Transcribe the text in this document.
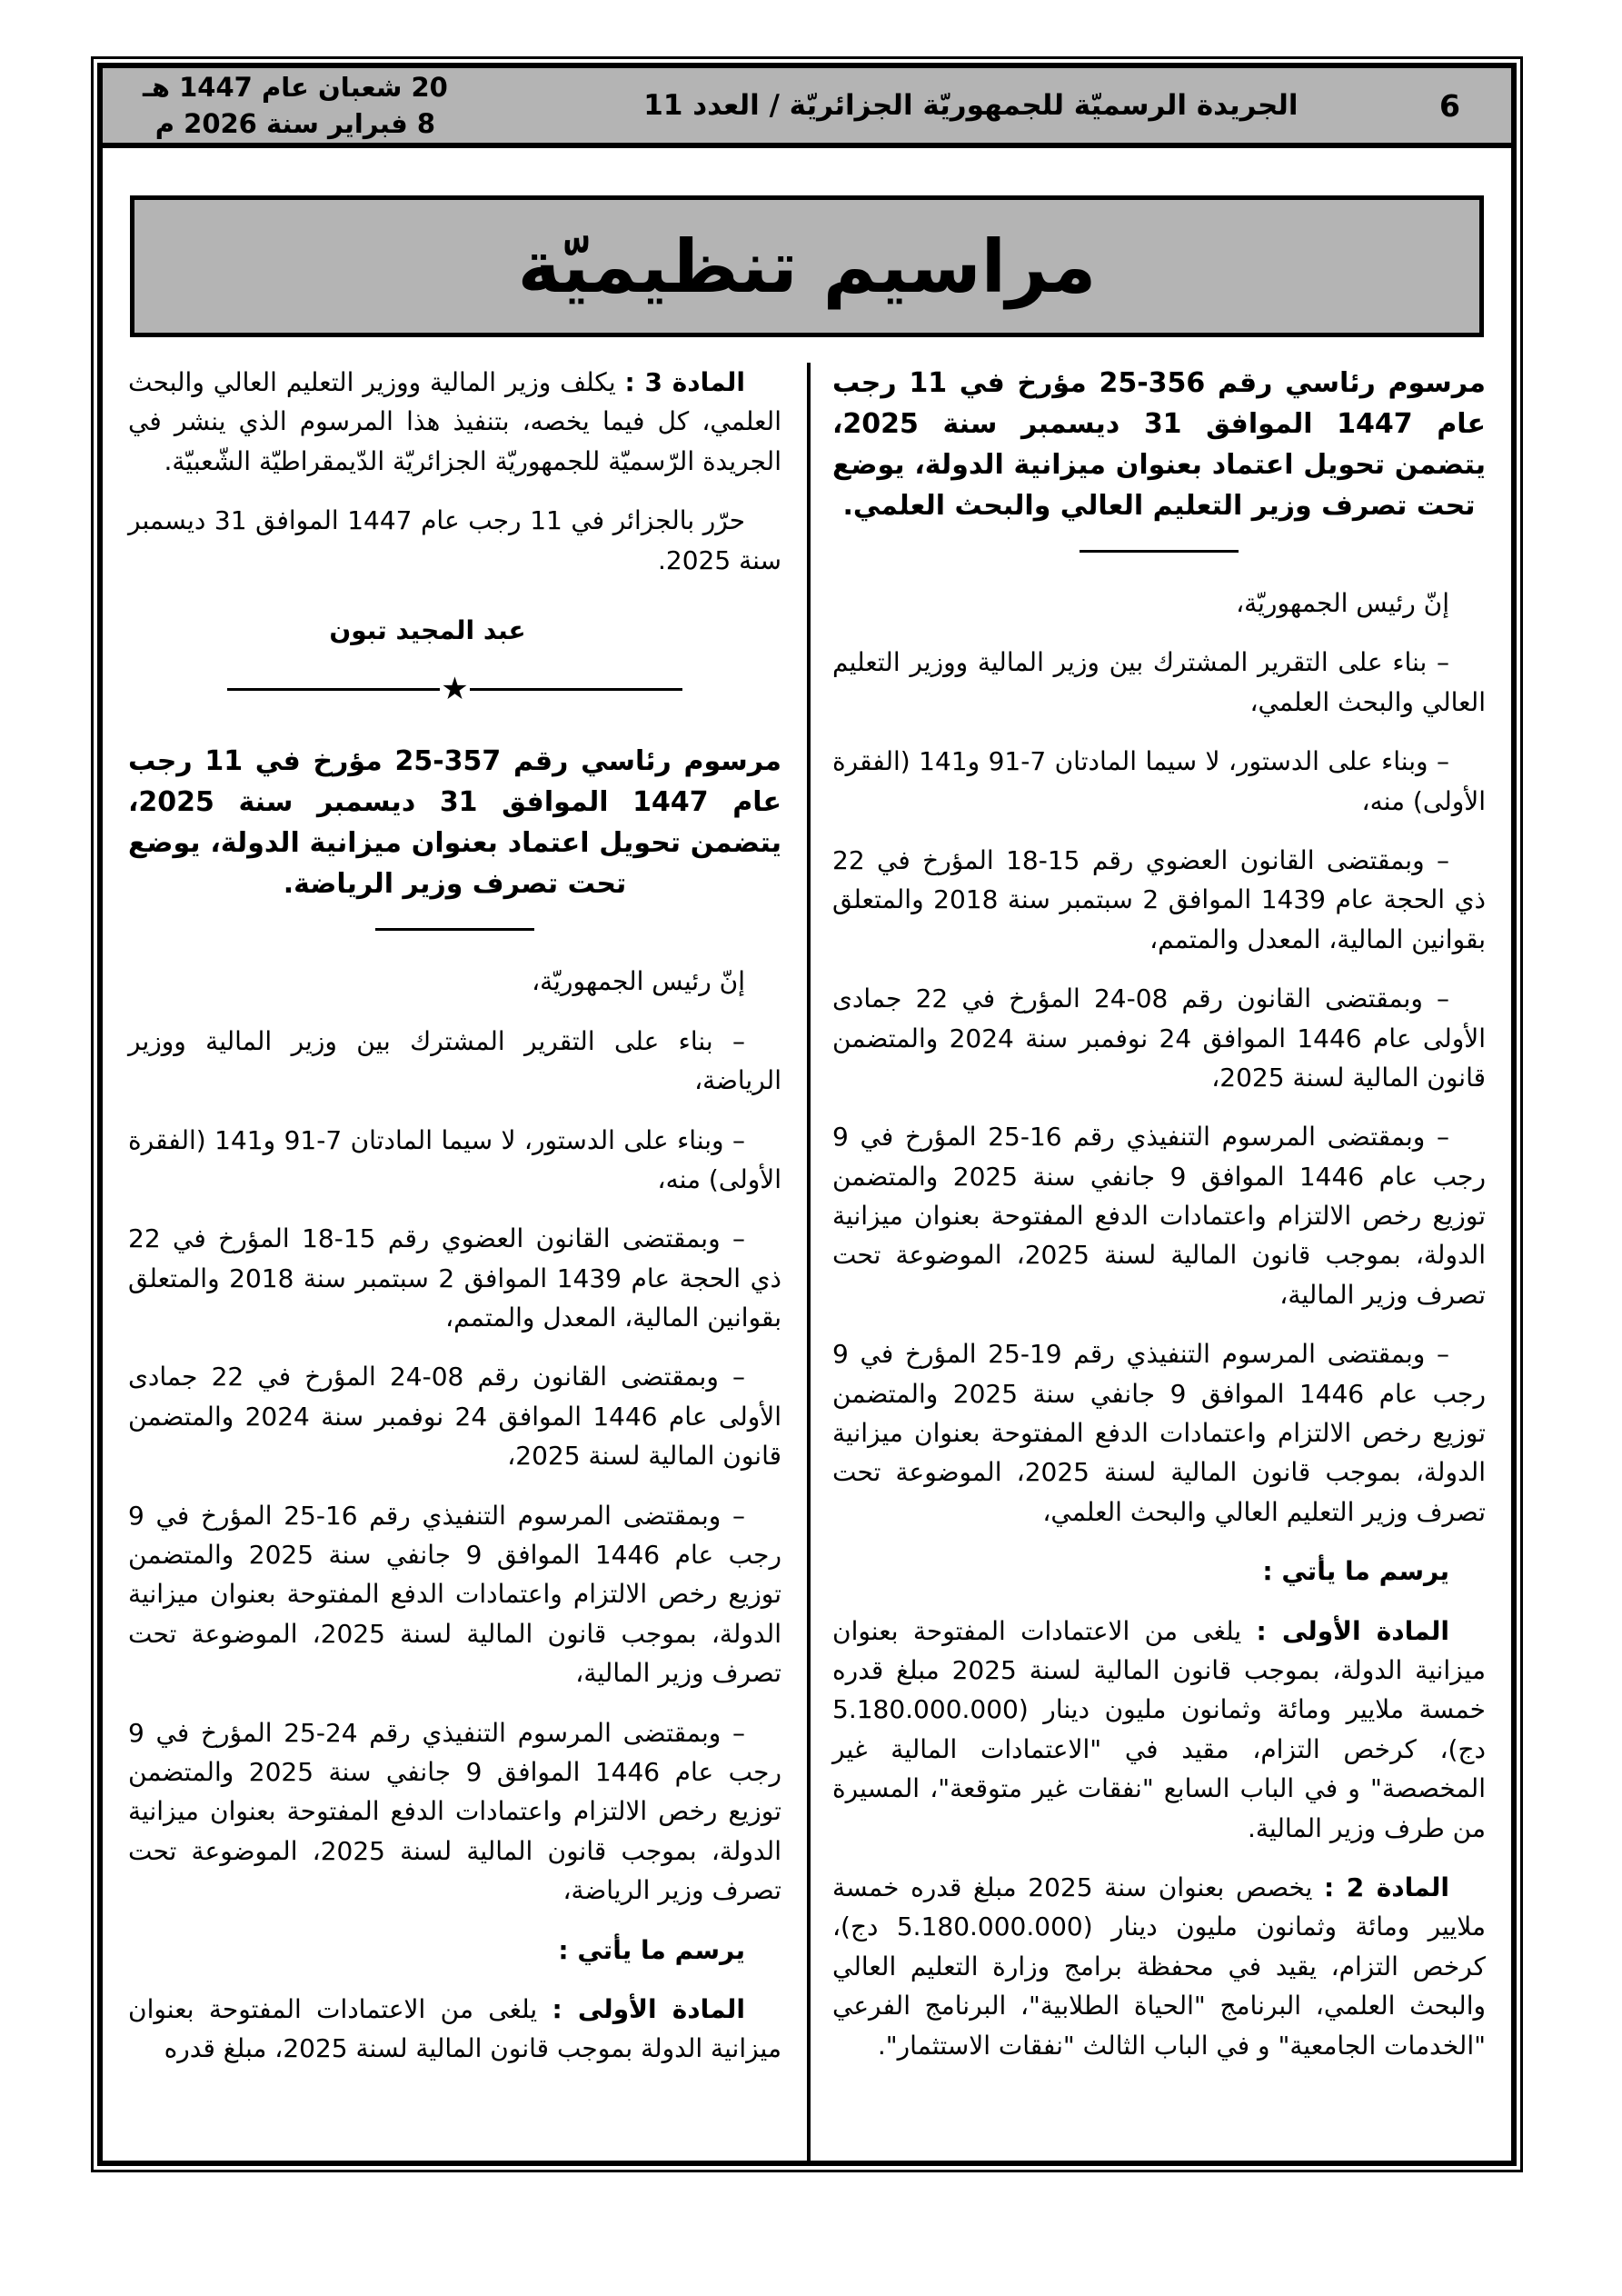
20 شعبان عام 1447 هـ
8 فبراير سنة 2026 م
الجريدة الرسميّة للجمهوريّة الجزائريّة / العدد 11	6
مراسيم تنظيميّة

مرسوم رئاسي رقم 356-25 مؤرخ في 11 رجب عام 1447 الموافق 31 ديسمبر سنة 2025، يتضمن تحويل اعتماد بعنوان ميزانية الدولة، يوضع تحت تصرف وزير التعليم العالي والبحث العلمي.

إنّ رئيس الجمهوريّة،

– بناء على التقرير المشترك بين وزير المالية ووزير التعليم العالي والبحث العلمي،

– وبناء على الدستور، لا سيما المادتان 7-91 و141 (الفقرة الأولى) منه،

– وبمقتضى القانون العضوي رقم 15-18 المؤرخ في 22 ذي الحجة عام 1439 الموافق 2 سبتمبر سنة 2018 والمتعلق بقوانين المالية، المعدل والمتمم،

– وبمقتضى القانون رقم 08-24 المؤرخ في 22 جمادى الأولى عام 1446 الموافق 24 نوفمبر سنة 2024 والمتضمن قانون المالية لسنة 2025،

– وبمقتضى المرسوم التنفيذي رقم 16-25 المؤرخ في 9 رجب عام 1446 الموافق 9 جانفي سنة 2025 والمتضمن توزيع رخص الالتزام واعتمادات الدفع المفتوحة بعنوان ميزانية الدولة، بموجب قانون المالية لسنة 2025، الموضوعة تحت تصرف وزير المالية،

– وبمقتضى المرسوم التنفيذي رقم 19-25 المؤرخ في 9 رجب عام 1446 الموافق 9 جانفي سنة 2025 والمتضمن توزيع رخص الالتزام واعتمادات الدفع المفتوحة بعنوان ميزانية الدولة، بموجب قانون المالية لسنة 2025، الموضوعة تحت تصرف وزير التعليم العالي والبحث العلمي،

يرسم ما يأتي :

المادة الأولى : يلغى من الاعتمادات المفتوحة بعنوان ميزانية الدولة، بموجب قانون المالية لسنة 2025 مبلغ قدره خمسة ملايير ومائة وثمانون مليون دينار (5.180.000.000 دج)، كرخص التزام، مقيد في "الاعتمادات المالية غير المخصصة" و في الباب السابع "نفقات غير متوقعة"، المسيرة من طرف وزير المالية.

المادة 2 : يخصص بعنوان سنة 2025 مبلغ قدره خمسة ملايير ومائة وثمانون مليون دينار (5.180.000.000 دج)، كرخص التزام، يقيد في محفظة برامج وزارة التعليم العالي والبحث العلمي، البرنامج "الحياة الطلابية"، البرنامج الفرعي "الخدمات الجامعية" و في الباب الثالث "نفقات الاستثمار".

المادة 3 : يكلف وزير المالية ووزير التعليم العالي والبحث العلمي، كل فيما يخصه، بتنفيذ هذا المرسوم الذي ينشر في الجريدة الرّسميّة للجمهوريّة الجزائريّة الدّيمقراطيّة الشّعبيّة.

حرّر بالجزائر في 11 رجب عام 1447 الموافق 31 ديسمبر سنة 2025.

عبد المجيد تبون

★

مرسوم رئاسي رقم 357-25 مؤرخ في 11 رجب عام 1447 الموافق 31 ديسمبر سنة 2025، يتضمن تحويل اعتماد بعنوان ميزانية الدولة، يوضع تحت تصرف وزير الرياضة.

إنّ رئيس الجمهوريّة،

– بناء على التقرير المشترك بين وزير المالية ووزير الرياضة،

– وبناء على الدستور، لا سيما المادتان 7-91 و141 (الفقرة الأولى) منه،

– وبمقتضى القانون العضوي رقم 15-18 المؤرخ في 22 ذي الحجة عام 1439 الموافق 2 سبتمبر سنة 2018 والمتعلق بقوانين المالية، المعدل والمتمم،

– وبمقتضى القانون رقم 08-24 المؤرخ في 22 جمادى الأولى عام 1446 الموافق 24 نوفمبر سنة 2024 والمتضمن قانون المالية لسنة 2025،

– وبمقتضى المرسوم التنفيذي رقم 16-25 المؤرخ في 9 رجب عام 1446 الموافق 9 جانفي سنة 2025 والمتضمن توزيع رخص الالتزام واعتمادات الدفع المفتوحة بعنوان ميزانية الدولة، بموجب قانون المالية لسنة 2025، الموضوعة تحت تصرف وزير المالية،

– وبمقتضى المرسوم التنفيذي رقم 24-25 المؤرخ في 9 رجب عام 1446 الموافق 9 جانفي سنة 2025 والمتضمن توزيع رخص الالتزام واعتمادات الدفع المفتوحة بعنوان ميزانية الدولة، بموجب قانون المالية لسنة 2025، الموضوعة تحت تصرف وزير الرياضة،

يرسم ما يأتي :

المادة الأولى : يلغى من الاعتمادات المفتوحة بعنوان ميزانية الدولة بموجب قانون المالية لسنة 2025، مبلغ قدره
